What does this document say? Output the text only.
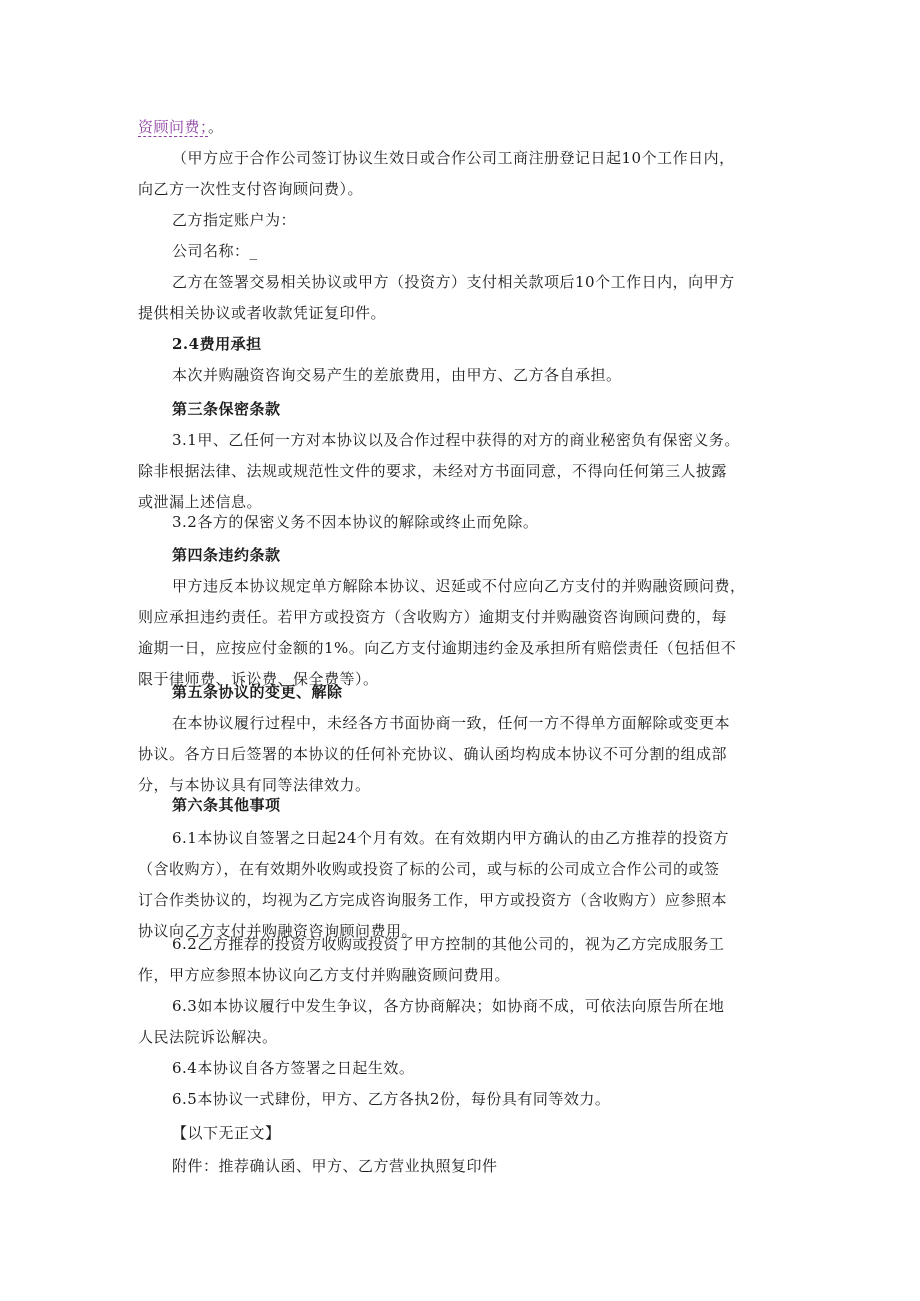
资顾问费；。
（甲方应于合作公司签订协议生效日或合作公司工商注册登记日起10个工作日内，
向乙方一次性支付咨询顾问费）。
乙方指定账户为：
公司名称：_
乙方在签署交易相关协议或甲方（投资方）支付相关款项后10个工作日内，向甲方
提供相关协议或者收款凭证复印件。
2.4费用承担
本次并购融资咨询交易产生的差旅费用，由甲方、乙方各自承担。
第三条保密条款
3.1甲、乙任何一方对本协议以及合作过程中获得的对方的商业秘密负有保密义务。
除非根据法律、法规或规范性文件的要求，未经对方书面同意，不得向任何第三人披露
或泄漏上述信息。
3.2各方的保密义务不因本协议的解除或终止而免除。
第四条违约条款
甲方违反本协议规定单方解除本协议、迟延或不付应向乙方支付的并购融资顾问费，
则应承担违约责任。若甲方或投资方（含收购方）逾期支付并购融资咨询顾问费的，每
逾期一日，应按应付金额的1%。向乙方支付逾期违约金及承担所有赔偿责任（包括但不
限于律师费、诉讼费、保全费等）。
第五条协议的变更、解除
在本协议履行过程中，未经各方书面协商一致，任何一方不得单方面解除或变更本
协议。各方日后签署的本协议的任何补充协议、确认函均构成本协议不可分割的组成部
分，与本协议具有同等法律效力。
第六条其他事项
6.1本协议自签署之日起24个月有效。在有效期内甲方确认的由乙方推荐的投资方
（含收购方），在有效期外收购或投资了标的公司，或与标的公司成立合作公司的或签
订合作类协议的，均视为乙方完成咨询服务工作，甲方或投资方（含收购方）应参照本
协议向乙方支付并购融资咨询顾问费用。
6.2乙方推荐的投资方收购或投资了甲方控制的其他公司的，视为乙方完成服务工
作，甲方应参照本协议向乙方支付并购融资顾问费用。
6.3如本协议履行中发生争议，各方协商解决；如协商不成，可依法向原告所在地
人民法院诉讼解决。
6.4本协议自各方签署之日起生效。
6.5本协议一式肆份，甲方、乙方各执2份，每份具有同等效力。
【以下无正文】
附件：推荐确认函、甲方、乙方营业执照复印件
